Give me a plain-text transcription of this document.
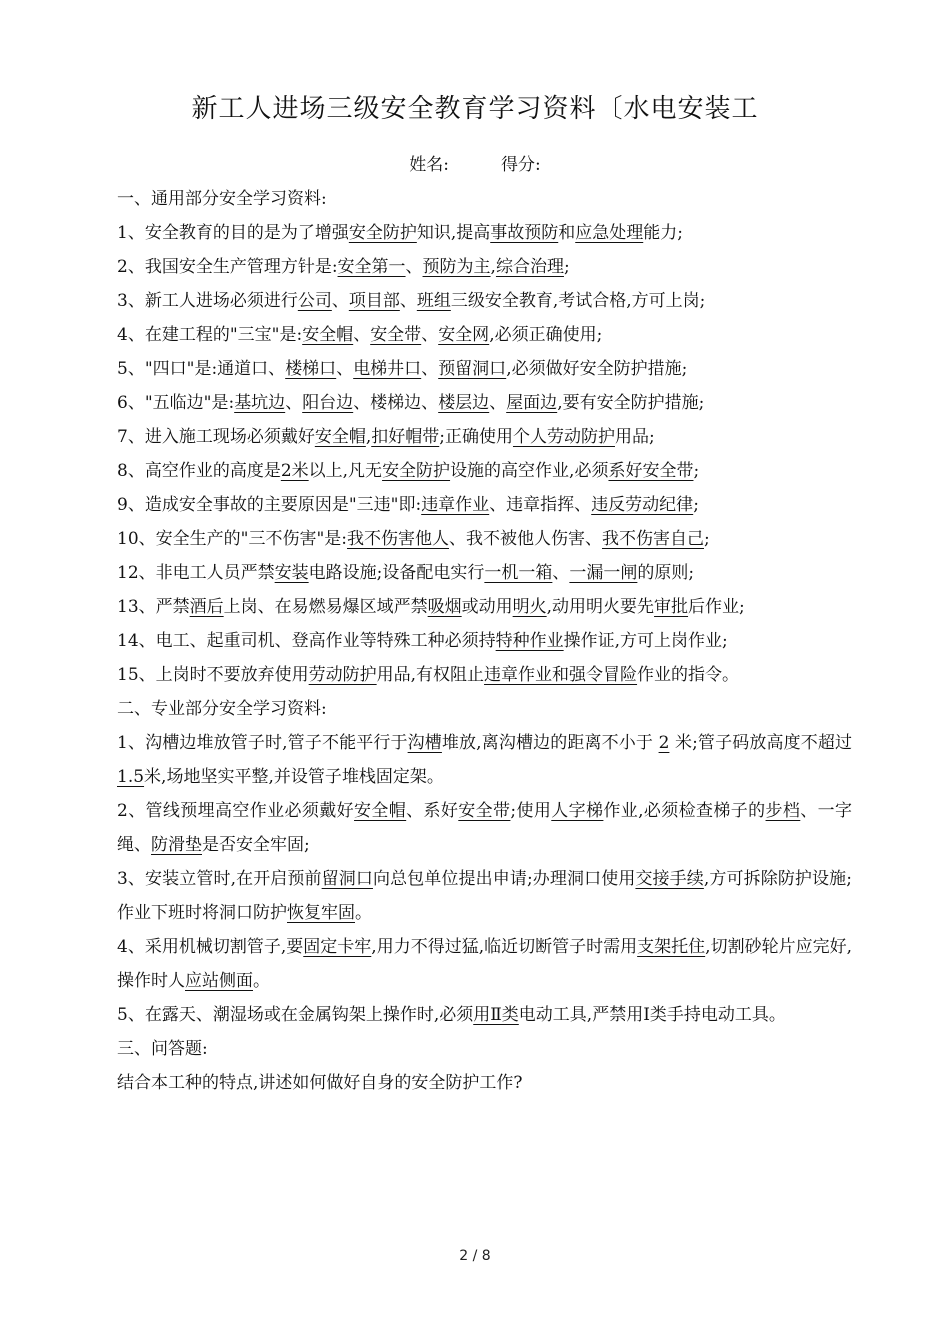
新工人进场三级安全教育学习资料〔水电安装工
姓名:	得分:
一、通用部分安全学习资料:
1、安全教育的目的是为了增强安全防护知识,提高事故预防和应急处理能力;
2、我国安全生产管理方针是:安全第一、预防为主,综合治理;
3、新工人进场必须进行公司、项目部、班组三级安全教育,考试合格,方可上岗;
4、在建工程的"三宝"是:安全帽、安全带、安全网,必须正确使用;
5、"四口"是:通道口、楼梯口、电梯井口、预留洞口,必须做好安全防护措施;
6、"五临边"是:基坑边、阳台边、楼梯边、楼层边、屋面边,要有安全防护措施;
7、进入施工现场必须戴好安全帽,扣好帽带;正确使用个人劳动防护用品;
8、高空作业的高度是2米以上,凡无安全防护设施的高空作业,必须系好安全带;
9、造成安全事故的主要原因是"三违"即:违章作业、违章指挥、违反劳动纪律;
10、安全生产的"三不伤害"是:我不伤害他人、我不被他人伤害、我不伤害自己;
12、非电工人员严禁安装电路设施;设备配电实行一机一箱、一漏一闸的原则;
13、严禁酒后上岗、在易燃易爆区域严禁吸烟或动用明火,动用明火要先审批后作业;
14、电工、起重司机、登高作业等特殊工种必须持特种作业操作证,方可上岗作业;
15、上岗时不要放弃使用劳动防护用品,有权阻止违章作业和强令冒险作业的指令。
二、专业部分安全学习资料:
1、沟槽边堆放管子时,管子不能平行于沟槽堆放,离沟槽边的距离不小于 2 米;管子码放高度不超过 1.5米,场地坚实平整,并设管子堆栈固定架。
2、管线预埋高空作业必须戴好安全帽、系好安全带;使用人字梯作业,必须检查梯子的步档、一字绳、防滑垫是否安全牢固;
3、安装立管时,在开启预前留洞口向总包单位提出申请;办理洞口使用交接手续,方可拆除防护设施;作业下班时将洞口防护恢复牢固。
4、采用机械切割管子,要固定卡牢,用力不得过猛,临近切断管子时需用支架托住,切割砂轮片应完好,操作时人应站侧面。
5、在露天、潮湿场或在金属钩架上操作时,必须用Ⅱ类电动工具,严禁用Ⅰ类手持电动工具。
三、问答题:
结合本工种的特点,讲述如何做好自身的安全防护工作?
2 / 8
